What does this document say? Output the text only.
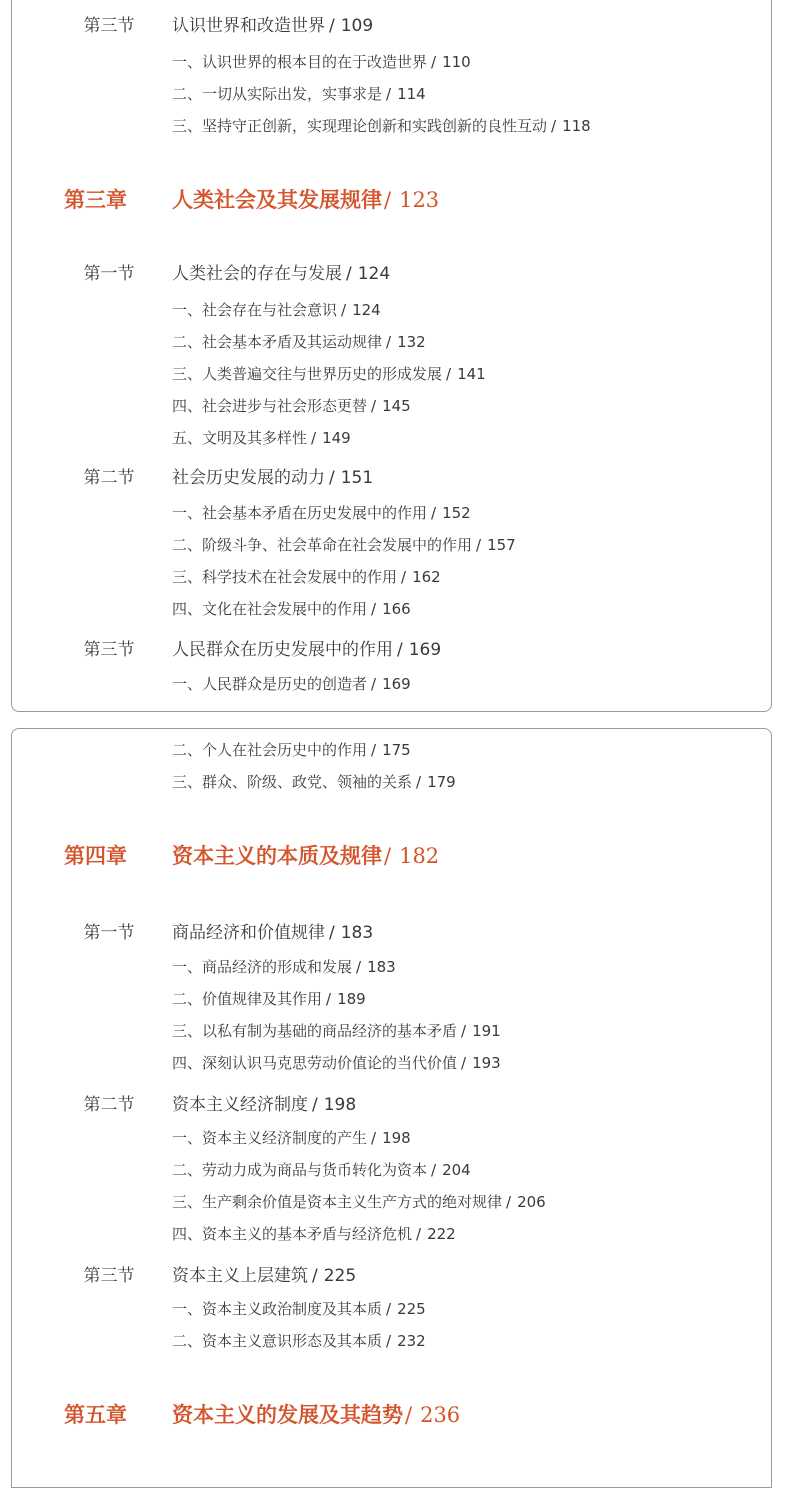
第三节	认识世界和改造世界 / 109
一、认识世界的根本目的在于改造世界 / 110
二、一切从实际出发，实事求是 / 114
三、坚持守正创新，实现理论创新和实践创新的良性互动 / 118
第三章 人类社会及其发展规律/ 123
第一节	人类社会的存在与发展 / 124
一、社会存在与社会意识 / 124
二、社会基本矛盾及其运动规律 / 132
三、人类普遍交往与世界历史的形成发展 / 141
四、社会进步与社会形态更替 / 145
五、文明及其多样性 / 149
第二节	社会历史发展的动力 / 151
一、社会基本矛盾在历史发展中的作用 / 152
二、阶级斗争、社会革命在社会发展中的作用 / 157
三、科学技术在社会发展中的作用 / 162
四、文化在社会发展中的作用 / 166
第三节	人民群众在历史发展中的作用 / 169
一、人民群众是历史的创造者 / 169
二、个人在社会历史中的作用 / 175
三、群众、阶级、政党、领袖的关系 / 179
第四章 资本主义的本质及规律/ 182
第一节	商品经济和价值规律 / 183
一、商品经济的形成和发展 / 183
二、价值规律及其作用 / 189
三、以私有制为基础的商品经济的基本矛盾 / 191
四、深刻认识马克思劳动价值论的当代价值 / 193
第二节	资本主义经济制度 / 198
一、资本主义经济制度的产生 / 198
二、劳动力成为商品与货币转化为资本 / 204
三、生产剩余价值是资本主义生产方式的绝对规律 / 206
四、资本主义的基本矛盾与经济危机 / 222
第三节	资本主义上层建筑 / 225
一、资本主义政治制度及其本质 / 225
二、资本主义意识形态及其本质 / 232
第五章 资本主义的发展及其趋势/ 236
